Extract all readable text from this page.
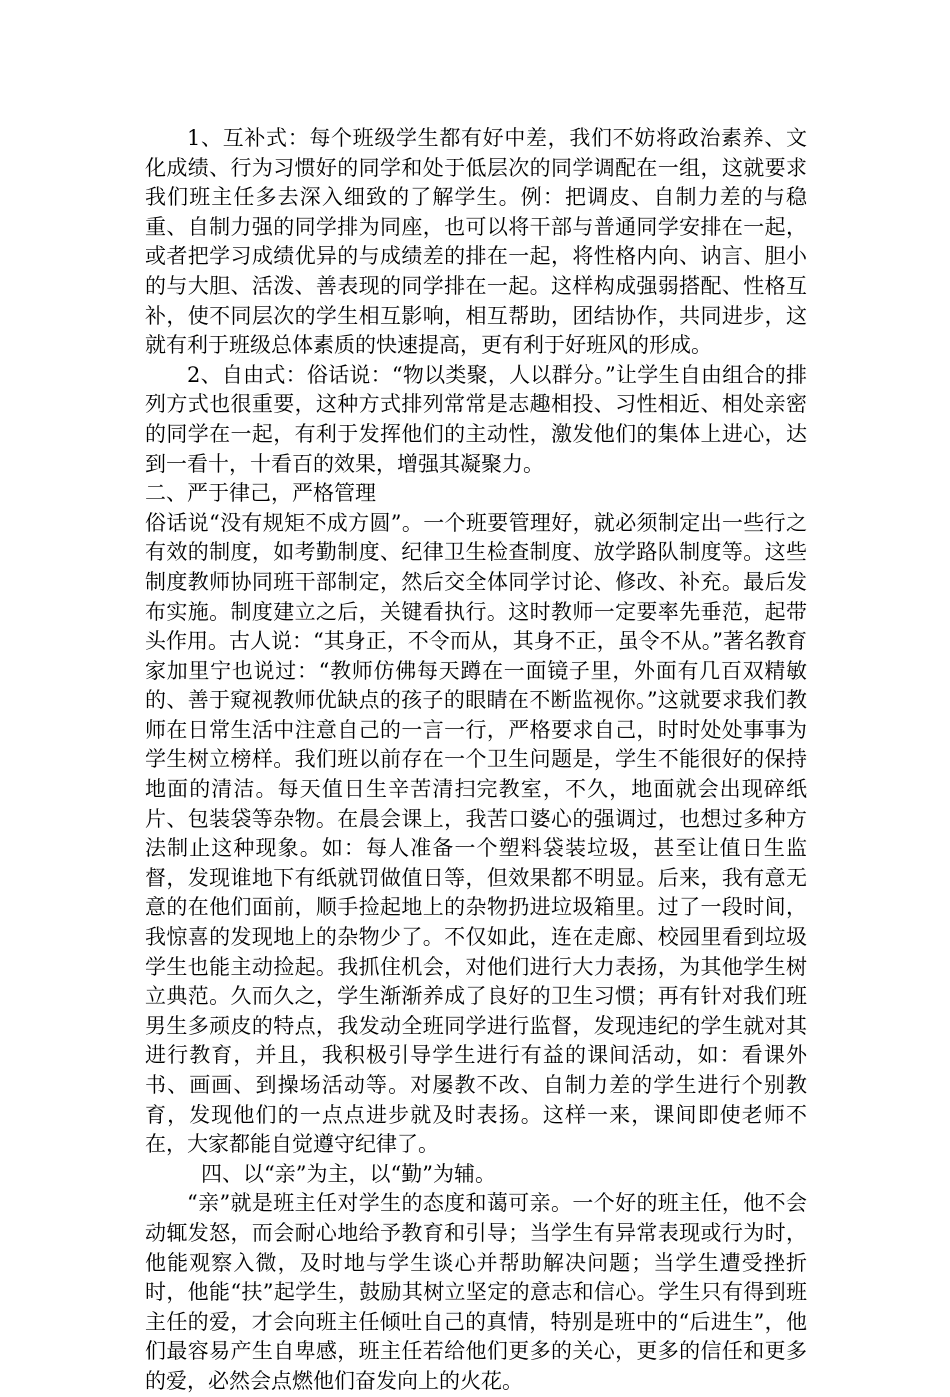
1、互补式：每个班级学生都有好中差，我们不妨将政治素养、文化成绩、行为习惯好的同学和处于低层次的同学调配在一组，这就要求我们班主任多去深入细致的了解学生。例：把调皮、自制力差的与稳重、自制力强的同学排为同座，也可以将干部与普通同学安排在一起，或者把学习成绩优异的与成绩差的排在一起，将性格内向、讷言、胆小的与大胆、活泼、善表现的同学排在一起。这样构成强弱搭配、性格互补，使不同层次的学生相互影响，相互帮助，团结协作，共同进步，这就有利于班级总体素质的快速提高，更有利于好班风的形成。

2、自由式：俗话说：“物以类聚，人以群分。”让学生自由组合的排列方式也很重要，这种方式排列常常是志趣相投、习性相近、相处亲密的同学在一起，有利于发挥他们的主动性，激发他们的集体上进心，达到一看十，十看百的效果，增强其凝聚力。

二、严于律己，严格管理

俗话说“没有规矩不成方圆”。一个班要管理好，就必须制定出一些行之有效的制度，如考勤制度、纪律卫生检查制度、放学路队制度等。这些制度教师协同班干部制定，然后交全体同学讨论、修改、补充。最后发布实施。制度建立之后，关键看执行。这时教师一定要率先垂范，起带头作用。古人说：“其身正，不令而从，其身不正，虽令不从。”著名教育家加里宁也说过：“教师仿佛每天蹲在一面镜子里，外面有几百双精敏的、善于窥视教师优缺点的孩子的眼睛在不断监视你。”这就要求我们教师在日常生活中注意自己的一言一行，严格要求自己，时时处处事事为学生树立榜样。我们班以前存在一个卫生问题是，学生不能很好的保持地面的清洁。每天值日生辛苦清扫完教室，不久，地面就会出现碎纸片、包装袋等杂物。在晨会课上，我苦口婆心的强调过，也想过多种方法制止这种现象。如：每人准备一个塑料袋装垃圾，甚至让值日生监督，发现谁地下有纸就罚做值日等，但效果都不明显。后来，我有意无意的在他们面前，顺手捡起地上的杂物扔进垃圾箱里。过了一段时间，我惊喜的发现地上的杂物少了。不仅如此，连在走廊、校园里看到垃圾学生也能主动捡起。我抓住机会，对他们进行大力表扬，为其他学生树立典范。久而久之，学生渐渐养成了良好的卫生习惯；再有针对我们班男生多顽皮的特点，我发动全班同学进行监督，发现违纪的学生就对其进行教育，并且，我积极引导学生进行有益的课间活动，如：看课外书、画画、到操场活动等。对屡教不改、自制力差的学生进行个别教育，发现他们的一点点进步就及时表扬。这样一来，课间即使老师不在，大家都能自觉遵守纪律了。

四、以“亲”为主，以“勤”为辅。

“亲”就是班主任对学生的态度和蔼可亲。一个好的班主任，他不会动辄发怒，而会耐心地给予教育和引导；当学生有异常表现或行为时，他能观察入微，及时地与学生谈心并帮助解决问题；当学生遭受挫折时，他能“扶”起学生，鼓励其树立坚定的意志和信心。学生只有得到班主任的爱，才会向班主任倾吐自己的真情，特别是班中的“后进生”，他们最容易产生自卑感，班主任若给他们更多的关心，更多的信任和更多的爱，必然会点燃他们奋发向上的火花。
